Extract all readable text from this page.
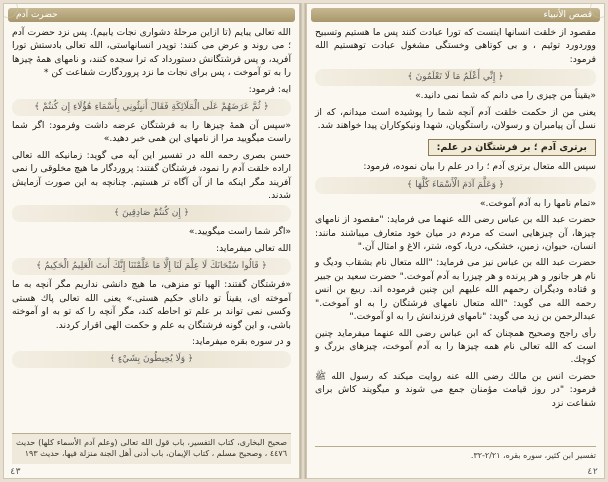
حضرت آدم

الله تعالى يبايم (تا ازاين مرحلهٔ دشوارى نجات يابيم). پس نزد حضرت آدم ؛ مى روند و عرض مى كنند: توپدر انسانهاستى، الله تعالى بادستش تورا آفريد، و پس فرشتگانش دستورداد كه ترا سجده كنند، و نامهاى همهٔ چيزها را به تو آموخت ، پس براى نجات ما نزد پروردگارت شفاعت كن *

ايه: فرمود:

﴿ ثُمَّ عَرَضَهُمْ عَلَى الْمَلَائِكَةِ فَقَالَ أَنبِئُونِي بِأَسْمَاءِ هَٰؤُلَاءِ إِن كُنتُمْ ﴾

«سپس آن همهٔ چيزها را به فرشتگان عرضه داشت وفرمود: اگر شما راست ميگوييد مرا از نامهاى اين همى خبر دهيد.»

حسن بصرى رحمه الله در تفسير اين آيه مى گويد: زمانيكه الله تعالى اراده خلقت آدم را نمود، فرشتگان گفتند: پروردگار ما هيچ مخلوقى را نمى آفريند مگر اينكه ما از آن آگاه تر هستيم. چنانچه به اين صورت آزمايش شدند.

﴿ إِن كُنتُمْ صَادِقِينَ ﴾

«اگر شما راست ميگوييد.»

الله تعالى ميفرمايد:

﴿ قَالُوا سُبْحَانَكَ لَا عِلْمَ لَنَا إِلَّا مَا عَلَّمْتَنَا إِنَّكَ أَنتَ الْعَلِيمُ الْحَكِيمُ ﴾

«فرشتگان گفتند: الهيا تو منزهى، ما هيچ دانشى نداريم مگر آنچه به ما آموخته اى، يقيناً تو داناى حكيم هستى.» يعنى الله تعالى پاك هستى وكسى نمى تواند بر علم تو احاطه كند، مگر آنچه را كه تو به او آموخته باشى، و اين گونه فرشتگان به علم و حكمت الهى اقرار كردند.

و در سوره بقره ميفرمايد:

﴿ وَلَا يُحِيطُونَ بِشَيْءٍ ﴾

صحيح البخارى، كتاب التفسير، باب قول الله تعالى (وعلم آدم الأسماء كلها) حديث ٤٤٧٦ ، وصحيح مسلم ، كتاب الإيمان، باب أدنى أهل الجنة منزلة فيها، حديث ١٩٣

٤٣
قصص الأنبياء

مقصود از خلقت انسانها اينست كه تورا عبادت كنند پس ما هستيم وتسبيح ووردورد توئيم ، و بى كوتاهى وخستگى مشغول عبادت توهستيم الله فرمود:

﴿ إِنِّي أَعْلَمُ مَا لَا تَعْلَمُونَ ﴾

«يقيناً من چيزى را مى دانم كه شما نمى دانيد.»

يعنى من از حكمت خلقت آدم آنچه شما را پوشيده است ميدانم، كه از نسل آن پيامبران و رسولان، راستگويان، شهدا ونيكوكاران پيدا خواهند شد.

برترى آدم ؛ بر فرشتگان در علم:

سپس الله متعال برترى آدم ؛ را در علم را بيان نموده، فرمود:

﴿ وَعَلَّمَ آدَمَ الْأَسْمَاءَ كُلَّهَا ﴾

«تمام نامها را به آدم آموخت.»

حضرت عبد الله بن عباس رضى الله عنهما مى فرمايد: "مقصود از نامهاى چيزها، آن چيزهايى است كه مردم در ميان خود متعارف ميباشند مانند: انسان، حيوان، زمين، خشكى، دريا، كوه، شتر، الاغ و امثال آن."

حضرت عبد الله بن عباس نيز مى فرمايد: "الله متعال نام بشقاب وديگ و نام هر جانور و هر پرنده و هر چيزرا به آدم آموخت." حضرت سعيد بن جبير و قتاده وديگران رحمهم الله عليهم اين چنين فرموده اند. ربيع بن انس رحمه الله مى گويد: "الله متعال نامهاى فرشتگان را به او آموخت." عبدالرحمن بن زيد مى گويد: "نامهاى فرزندانش را به او آموخت."

رأى راجح وصحيح همچنان كه ابن عباس رضى الله عنهما ميفرمايد چنين است كه الله تعالى نام همه چيزها را به آدم آموخت، چيزهاى بزرگ و كوچك.

حضرت انس بن مالك رضى الله عنه روايت ميكند كه رسول الله ﷺ فرمود: "در روز قيامت مؤمنان جمع مى شوند و ميگويند كاش براى شفاعت نزد

تفسير ابن كثير، سوره بقره، ٢/٢١-٣٢.

٤٢
